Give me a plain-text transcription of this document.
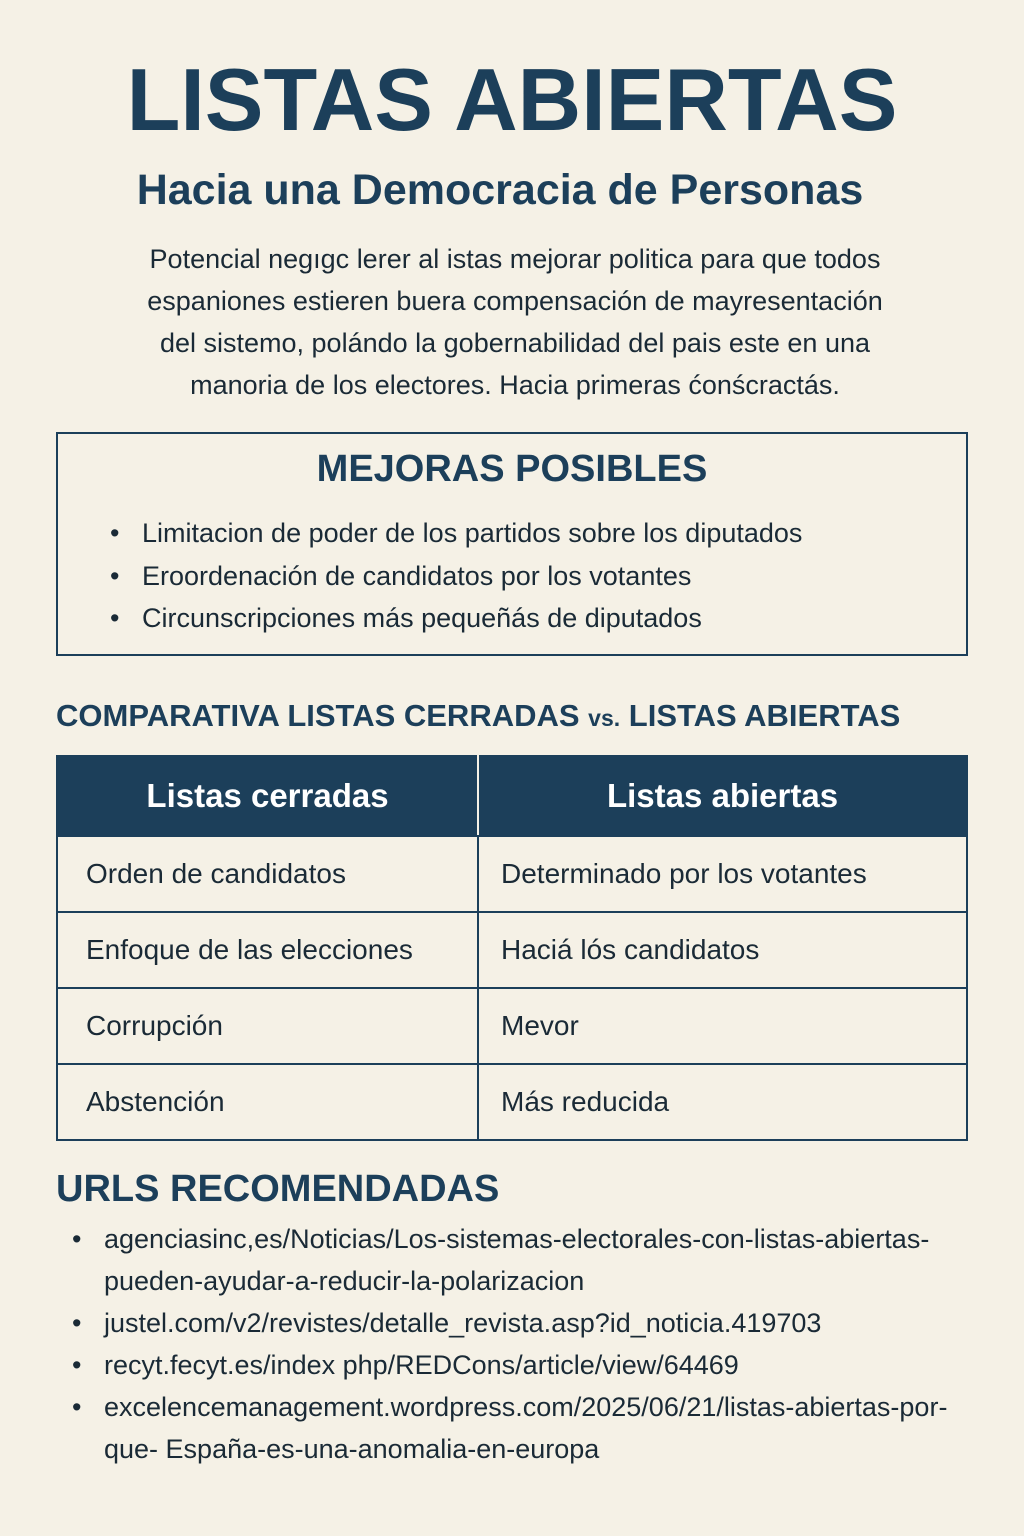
LISTAS ABIERTAS
Hacia una Democracia de Personas
Potencial negıgc lerer al istas mejorar politica para que todos
espaniones estieren buera compensación de mayresentación
del sistemo, polándo la gobernabilidad del pais este en una
manoria de los electores. Hacia primeras ćonścractás.
MEJORAS POSIBLES
• Limitacion de poder de los partidos sobre los diputados
• Eroordenación de candidatos por los votantes
• Circunscripciones más pequeñás de diputados
COMPARATIVA LISTAS CERRADAS vs. LISTAS ABIERTAS
Listas cerradas	Listas abiertas
Orden de candidatos	Determinado por los votantes
Enfoque de las elecciones	Haciá lós candidatos
Corrupción	Mevor
Abstención	Más reducida
URLS RECOMENDADAS
• agenciasinc,es/Noticias/Los-sistemas-electorales-con-listas-abiertas-pueden-ayudar-a-reducir-la-polarizacion
• justel.com/v2/revistes/detalle_revista.asp?id_noticia.419703
• recyt.fecyt.es/index php/REDCons/article/view/64469
• excelencemanagement.wordpress.com/2025/06/21/listas-abiertas-por-que- España-es-una-anomalia-en-europa
